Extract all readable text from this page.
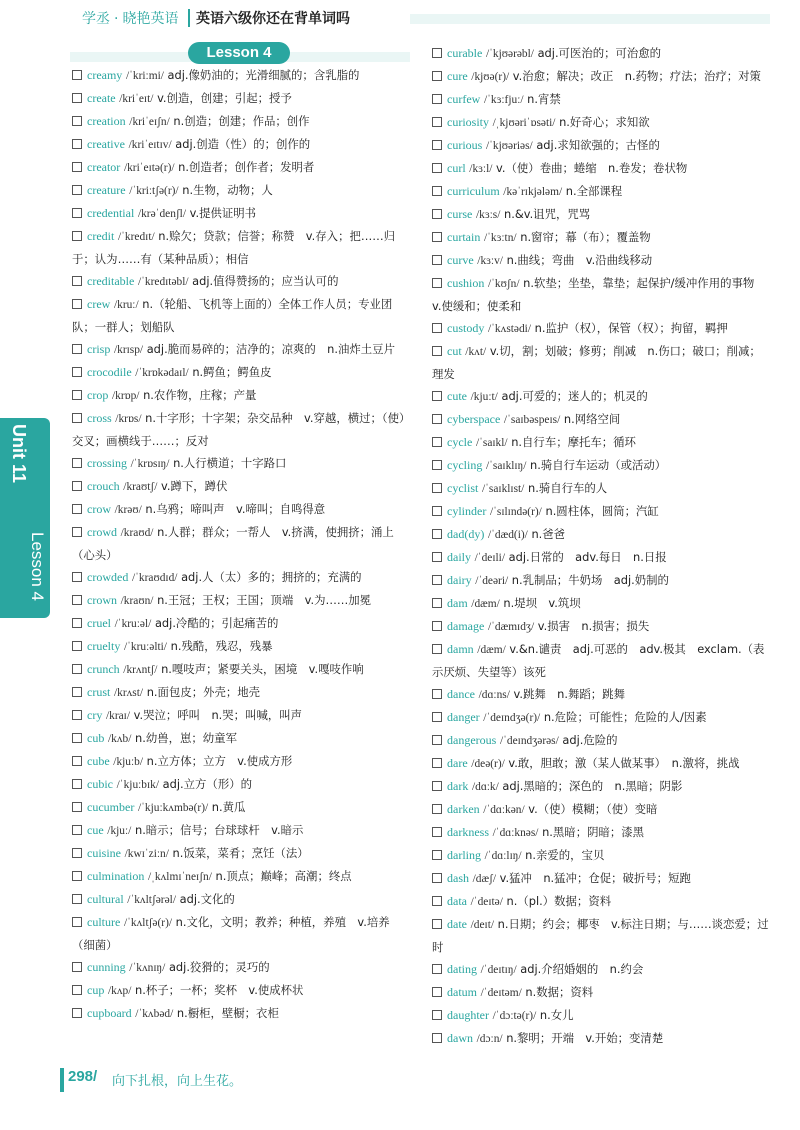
学丞 · 晓艳英语 英语六级你还在背单词吗
Lesson 4
creamy /ˈkriːmi/ adj.像奶油的；光滑细腻的；含乳脂的
create /kriˈeɪt/ v.创造，创建；引起；授予
creation /kriˈeɪʃn/ n.创造；创建；作品；创作
creative /kriˈeɪtɪv/ adj.创造（性）的；创作的
creator /kriˈeɪtə(r)/ n.创造者；创作者；发明者
creature /ˈkriːtʃə(r)/ n.生物，动物；人
credential /krəˈdenʃl/ v.提供证明书
credit /ˈkredɪt/ n.赊欠；贷款；信誉；称赞　v.存入；把……归于；认为……有（某种品质）；相信
creditable /ˈkredɪtəbl/ adj.值得赞扬的；应当认可的
crew /kruː/ n.（轮船、飞机等上面的）全体工作人员；专业团队；一群人；划船队
crisp /krɪsp/ adj.脆而易碎的；洁净的；凉爽的　n.油炸土豆片
crocodile /ˈkrɒkədaɪl/ n.鳄鱼；鳄鱼皮
crop /krɒp/ n.农作物，庄稼；产量
cross /krɒs/ n.十字形；十字架；杂交品种　v.穿越，横过；（使）交叉；画横线于……；反对
crossing /ˈkrɒsɪŋ/ n.人行横道；十字路口
crouch /kraʊtʃ/ v.蹲下，蹲伏
crow /krəʊ/ n.乌鸦；啼叫声　v.啼叫；自鸣得意
crowd /kraʊd/ n.人群；群众；一帮人　v.挤满，使拥挤；涌上（心头）
crowded /ˈkraʊdɪd/ adj.人（太）多的；拥挤的；充满的
crown /kraʊn/ n.王冠；王权；王国；顶端　v.为……加冕
cruel /ˈkruːəl/ adj.冷酷的；引起痛苦的
cruelty /ˈkruːəlti/ n.残酷，残忍，残暴
crunch /krʌntʃ/ n.嘎吱声；紧要关头，困境　v.嘎吱作响
crust /krʌst/ n.面包皮；外壳；地壳
cry /kraɪ/ v.哭泣；呼叫　n.哭；叫喊，叫声
cub /kʌb/ n.幼兽，崽；幼童军
cube /kjuːb/ n.立方体；立方　v.使成方形
cubic /ˈkjuːbɪk/ adj.立方（形）的
cucumber /ˈkjuːkʌmbə(r)/ n.黄瓜
cue /kjuː/ n.暗示；信号；台球球杆　v.暗示
cuisine /kwɪˈziːn/ n.饭菜，菜肴；烹饪（法）
culmination /ˌkʌlmɪˈneɪʃn/ n.顶点；巅峰；高潮；终点
cultural /ˈkʌltʃərəl/ adj.文化的
culture /ˈkʌltʃə(r)/ n.文化，文明；教养；种植，养殖　v.培养（细菌）
cunning /ˈkʌnɪŋ/ adj.狡猾的；灵巧的
cup /kʌp/ n.杯子；一杯；奖杯　v.使成杯状
cupboard /ˈkʌbəd/ n.橱柜，壁橱；衣柜
curable /ˈkjʊərəbl/ adj.可医治的；可治愈的
cure /kjʊə(r)/ v.治愈；解决；改正　n.药物；疗法；治疗；对策
curfew /ˈkɜːfjuː/ n.宵禁
curiosity /ˌkjʊəriˈɒsəti/ n.好奇心；求知欲
curious /ˈkjʊəriəs/ adj.求知欲强的；古怪的
curl /kɜːl/ v.（使）卷曲；蜷缩　n.卷发；卷状物
curriculum /kəˈrɪkjələm/ n.全部课程
curse /kɜːs/ n.&v.诅咒，咒骂
curtain /ˈkɜːtn/ n.窗帘；幕（布）；覆盖物
curve /kɜːv/ n.曲线；弯曲　v.沿曲线移动
cushion /ˈkʊʃn/ n.软垫；坐垫，靠垫；起保护/缓冲作用的事物　v.使缓和；使柔和
custody /ˈkʌstədi/ n.监护（权），保管（权）；拘留，羁押
cut /kʌt/ v.切，割；划破；修剪；削减　n.伤口；破口；削减；理发
cute /kjuːt/ adj.可爱的；迷人的；机灵的
cyberspace /ˈsaɪbəspeɪs/ n.网络空间
cycle /ˈsaɪkl/ n.自行车；摩托车；循环
cycling /ˈsaɪklɪŋ/ n.骑自行车运动（或活动）
cyclist /ˈsaɪklɪst/ n.骑自行车的人
cylinder /ˈsɪlɪndə(r)/ n.圆柱体，圆筒；汽缸
dad(dy) /ˈdæd(i)/ n.爸爸
daily /ˈdeɪli/ adj.日常的　adv.每日　n.日报
dairy /ˈdeəri/ n.乳制品；牛奶场　adj.奶制的
dam /dæm/ n.堤坝　v.筑坝
damage /ˈdæmɪdʒ/ v.损害　n.损害；损失
damn /dæm/ v.&n.谴责　adj.可恶的　adv.极其　exclam.（表示厌烦、失望等）该死
dance /dɑːns/ v.跳舞　n.舞蹈；跳舞
danger /ˈdeɪndʒə(r)/ n.危险；可能性；危险的人/因素
dangerous /ˈdeɪndʒərəs/ adj.危险的
dare /deə(r)/ v.敢，胆敢；激（某人做某事）　n.激将，挑战
dark /dɑːk/ adj.黑暗的；深色的　n.黑暗；阴影
darken /ˈdɑːkən/ v.（使）模糊；（使）变暗
darkness /ˈdɑːknəs/ n.黑暗；阴暗；漆黑
darling /ˈdɑːlɪŋ/ n.亲爱的，宝贝
dash /dæʃ/ v.猛冲　n.猛冲；仓促；破折号；短跑
data /ˈdeɪtə/ n.（pl.）数据；资料
date /deɪt/ n.日期；约会；椰枣　v.标注日期；与……谈恋爱；过时
dating /ˈdeɪtɪŋ/ adj.介绍婚姻的　n.约会
datum /ˈdeɪtəm/ n.数据；资料
daughter /ˈdɔːtə(r)/ n.女儿
dawn /dɔːn/ n.黎明；开端　v.开始；变清楚
Unit 11
Lesson 4
298/ 向下扎根，向上生花。
